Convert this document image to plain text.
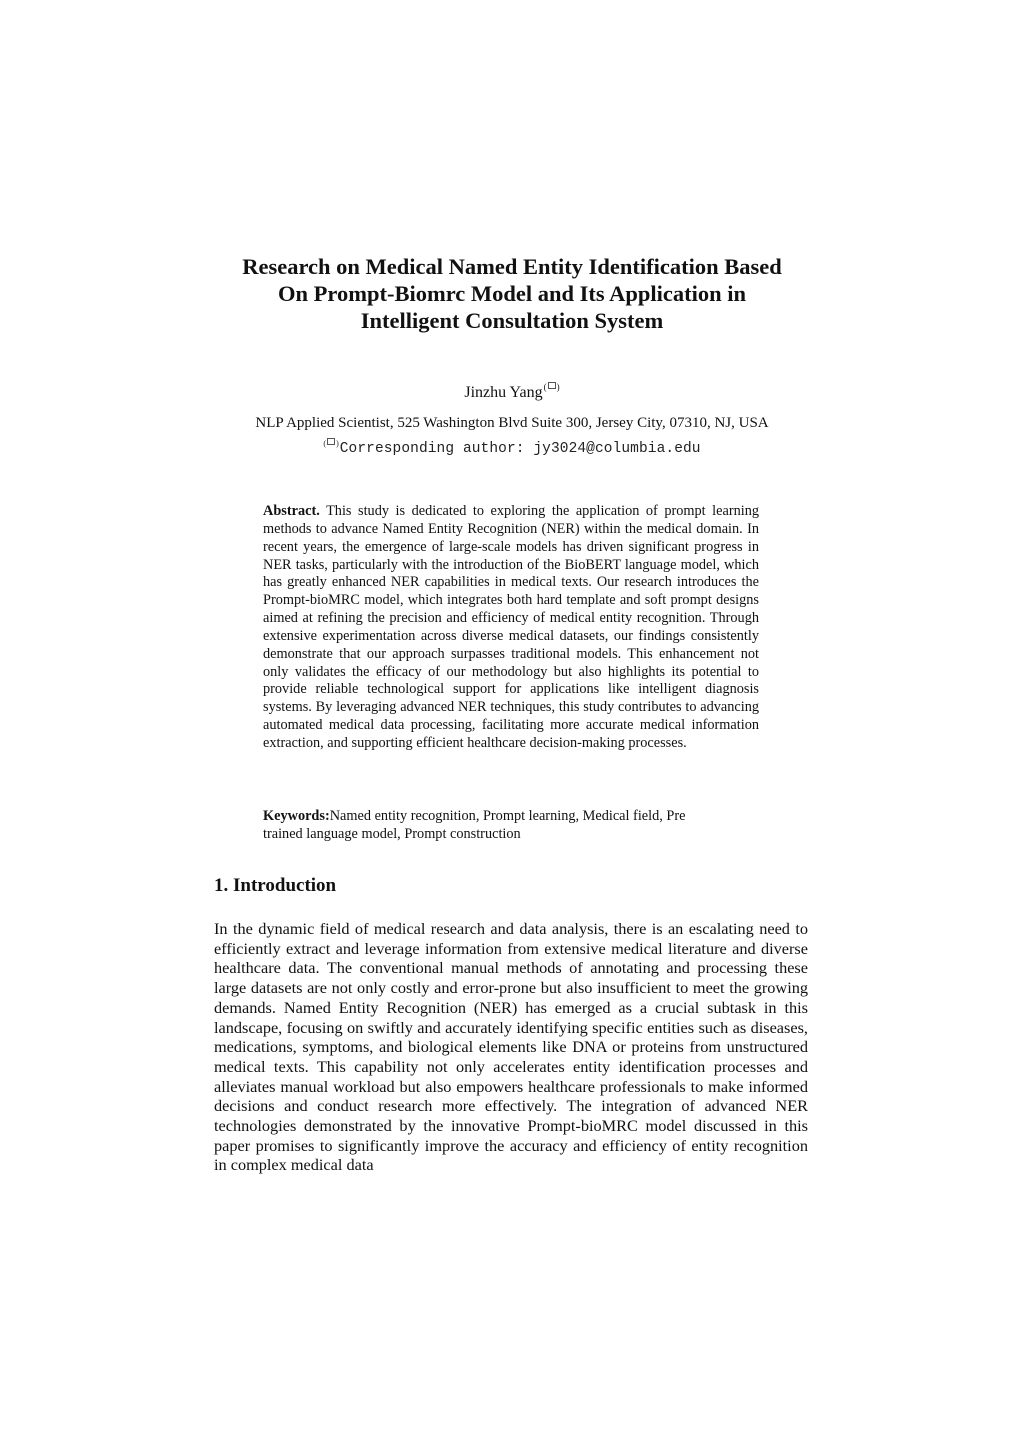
Research on Medical Named Entity Identification Based
On Prompt-Biomrc Model and Its Application in
Intelligent Consultation System
Jinzhu Yang( )
NLP Applied Scientist, 525 Washington Blvd Suite 300, Jersey City, 07310, NJ, USA
( )Corresponding author: jy3024@columbia.edu

Abstract. This study is dedicated to exploring the application of prompt learning methods to advance Named Entity Recognition (NER) within the medical domain. In recent years, the emergence of large-scale models has driven significant progress in NER tasks, particularly with the introduction of the BioBERT language model, which has greatly enhanced NER capabilities in medical texts. Our research introduces the Prompt-bioMRC model, which integrates both hard template and soft prompt designs aimed at refining the precision and efficiency of medical entity recognition. Through extensive experimentation across diverse medical datasets, our findings consistently demonstrate that our approach surpasses traditional models. This enhancement not only validates the efficacy of our methodology but also highlights its potential to provide reliable technological support for applications like intelligent diagnosis systems. By leveraging advanced NER techniques, this study contributes to advancing automated medical data processing, facilitating more accurate medical information extraction, and supporting efficient healthcare decision-making processes.

Keywords:Named entity recognition, Prompt learning, Medical field, Pre
trained language model, Prompt construction

1. Introduction

In the dynamic field of medical research and data analysis, there is an escalating need to efficiently extract and leverage information from extensive medical literature and diverse healthcare data. The conventional manual methods of annotating and processing these large datasets are not only costly and error-prone but also insufficient to meet the growing demands. Named Entity Recognition (NER) has emerged as a crucial subtask in this landscape, focusing on swiftly and accurately identifying specific entities such as diseases, medications, symptoms, and biological elements like DNA or proteins from unstructured medical texts. This capability not only accelerates entity identification processes and alleviates manual workload but also empowers healthcare professionals to make informed decisions and conduct research more effectively. The integration of advanced NER technologies demonstrated by the innovative Prompt-bioMRC model discussed in this paper promises to significantly improve the accuracy and efficiency of entity recognition in complex medical data
